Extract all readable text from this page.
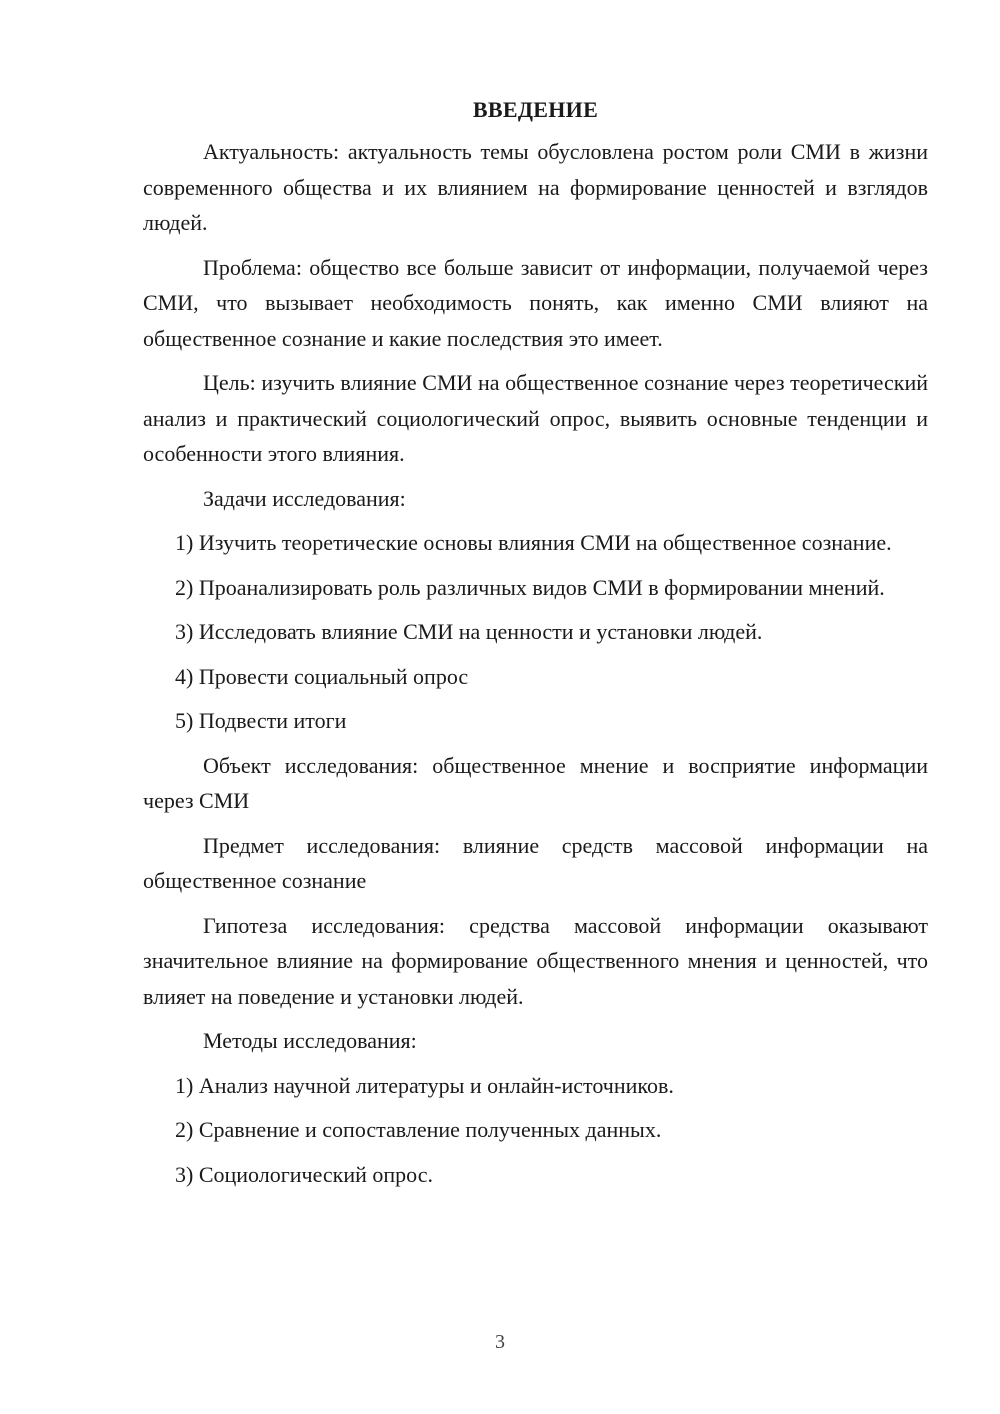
ВВЕДЕНИЕ

Актуальность: актуальность темы обусловлена ростом роли СМИ в жизни современного общества и их влиянием на формирование ценностей и взглядов людей.

Проблема: общество все больше зависит от информации, получаемой через СМИ, что вызывает необходимость понять, как именно СМИ влияют на общественное сознание и какие последствия это имеет.

Цель: изучить влияние СМИ на общественное сознание через теоретический анализ и практический социологический опрос, выявить основные тенденции и особенности этого влияния.

Задачи исследования:

1) Изучить теоретические основы влияния СМИ на общественное сознание.

2) Проанализировать роль различных видов СМИ в формировании мнений.

3) Исследовать влияние СМИ на ценности и установки людей.

4) Провести социальный опрос

5) Подвести итоги

Объект исследования: общественное мнение и восприятие информации через СМИ

Предмет исследования: влияние средств массовой информации на общественное сознание

Гипотеза исследования: средства массовой информации оказывают значительное влияние на формирование общественного мнения и ценностей, что влияет на поведение и установки людей.

Методы исследования:

1) Анализ научной литературы и онлайн-источников.

2) Сравнение и сопоставление полученных данных.

3) Социологический опрос.

3
